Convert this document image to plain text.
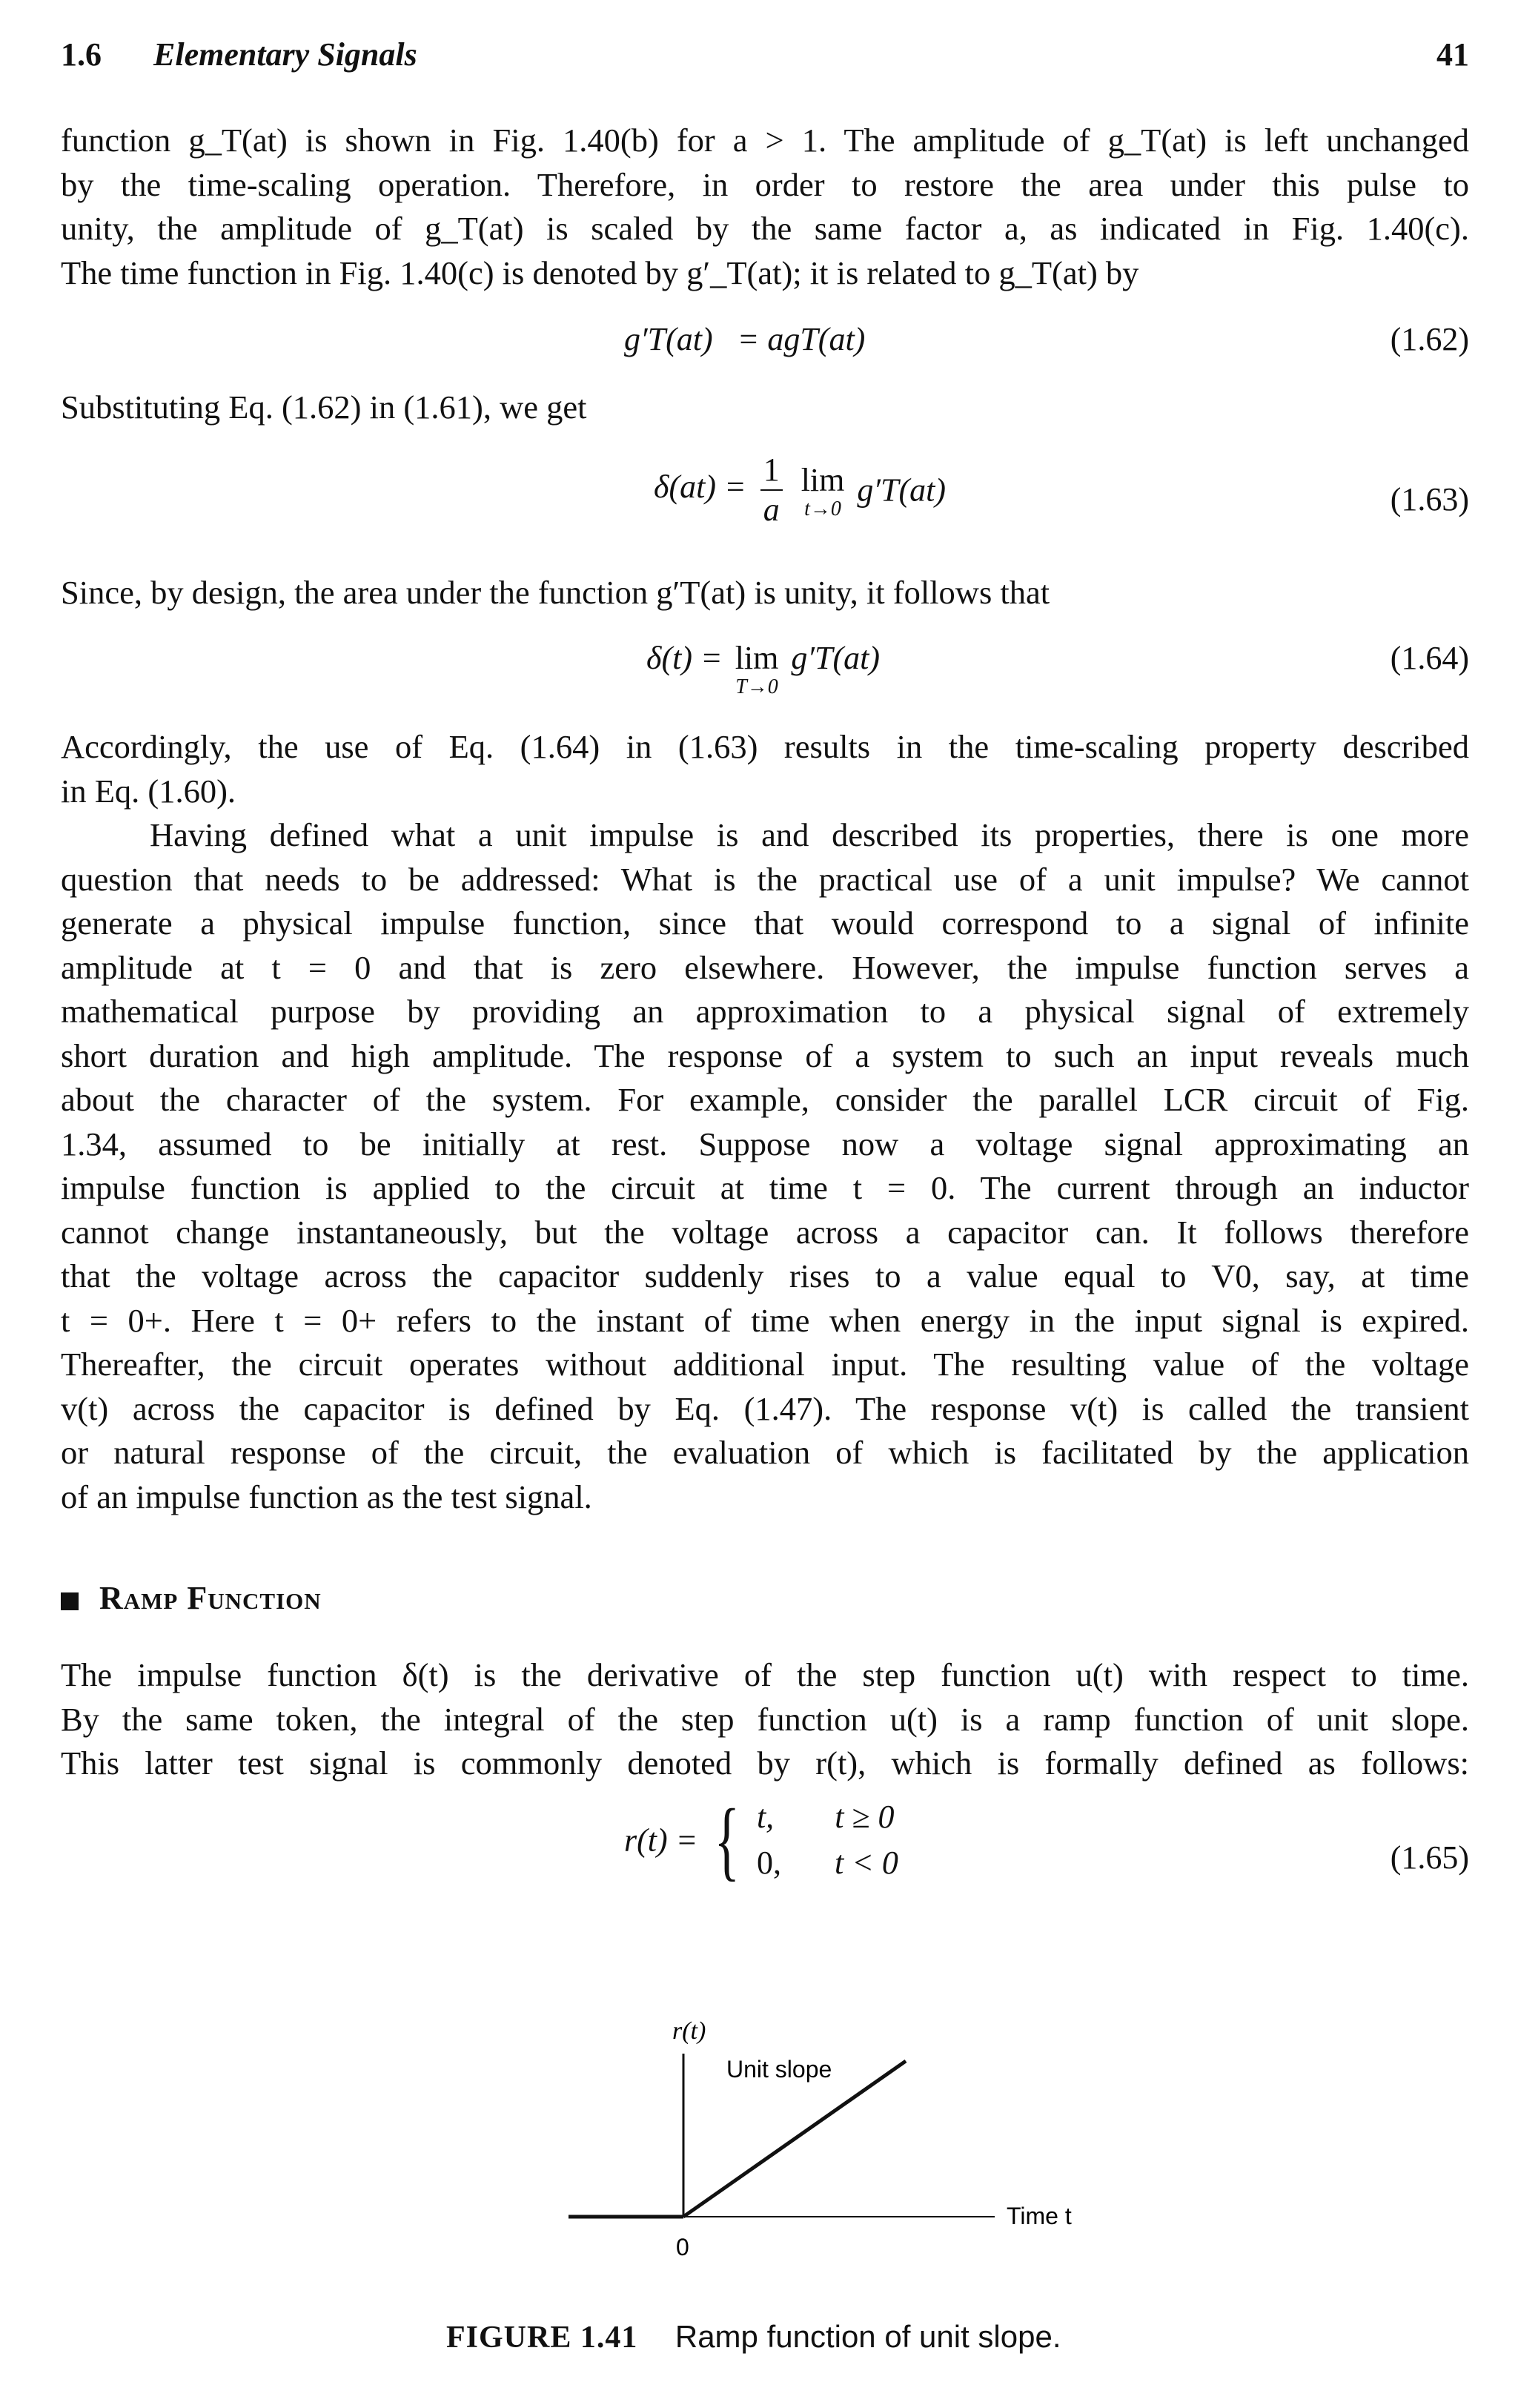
1.6 Elementary Signals	41
function g_T(at) is shown in Fig. 1.40(b) for a > 1. The amplitude of g_T(at) is left unchanged
by the time-scaling operation. Therefore, in order to restore the area under this pulse to
unity, the amplitude of g_T(at) is scaled by the same factor a, as indicated in Fig. 1.40(c).
The time function in Fig. 1.40(c) is denoted by g′_T(at); it is related to g_T(at) by
g′T(at) = agT(at)	(1.62)
Substituting Eq. (1.62) in (1.61), we get
$\delta(at) = \frac{1}{a}$ lim
t→0
g′T(at)	(1.63)
Since, by design, the area under the function g′T(at) is unity, it follows that
δ(t) = lim
T→0
g′T(at)	(1.64)
Accordingly, the use of Eq. (1.64) in (1.63) results in the time-scaling property described
in Eq. (1.60).
Having defined what a unit impulse is and described its properties, there is one more
question that needs to be addressed: What is the practical use of a unit impulse? We cannot
generate a physical impulse function, since that would correspond to a signal of infinite
amplitude at t = 0 and that is zero elsewhere. However, the impulse function serves a
mathematical purpose by providing an approximation to a physical signal of extremely
short duration and high amplitude. The response of a system to such an input reveals much
about the character of the system. For example, consider the parallel LCR circuit of Fig.
1.34, assumed to be initially at rest. Suppose now a voltage signal approximating an
impulse function is applied to the circuit at time t = 0. The current through an inductor
cannot change instantaneously, but the voltage across a capacitor can. It follows therefore
that the voltage across the capacitor suddenly rises to a value equal to V0, say, at time
t = 0+. Here t = 0+ refers to the instant of time when energy in the input signal is expired.
Thereafter, the circuit operates without additional input. The resulting value of the voltage
v(t) across the capacitor is defined by Eq. (1.47). The response v(t) is called the transient
or natural response of the circuit, the evaluation of which is facilitated by the application
of an impulse function as the test signal.
Ramp Function
The impulse function δ(t) is the derivative of the step function u(t) with respect to time.
By the same token, the integral of the step function u(t) is a ramp function of unit slope.
This latter test signal is commonly denoted by r(t), which is formally defined as follows:
r(t) = { t, t ≥ 0
0, t < 0	(1.65)
r(t)
Unit slope
Time t
0
FIGURE 1.41 Ramp function of unit slope.
